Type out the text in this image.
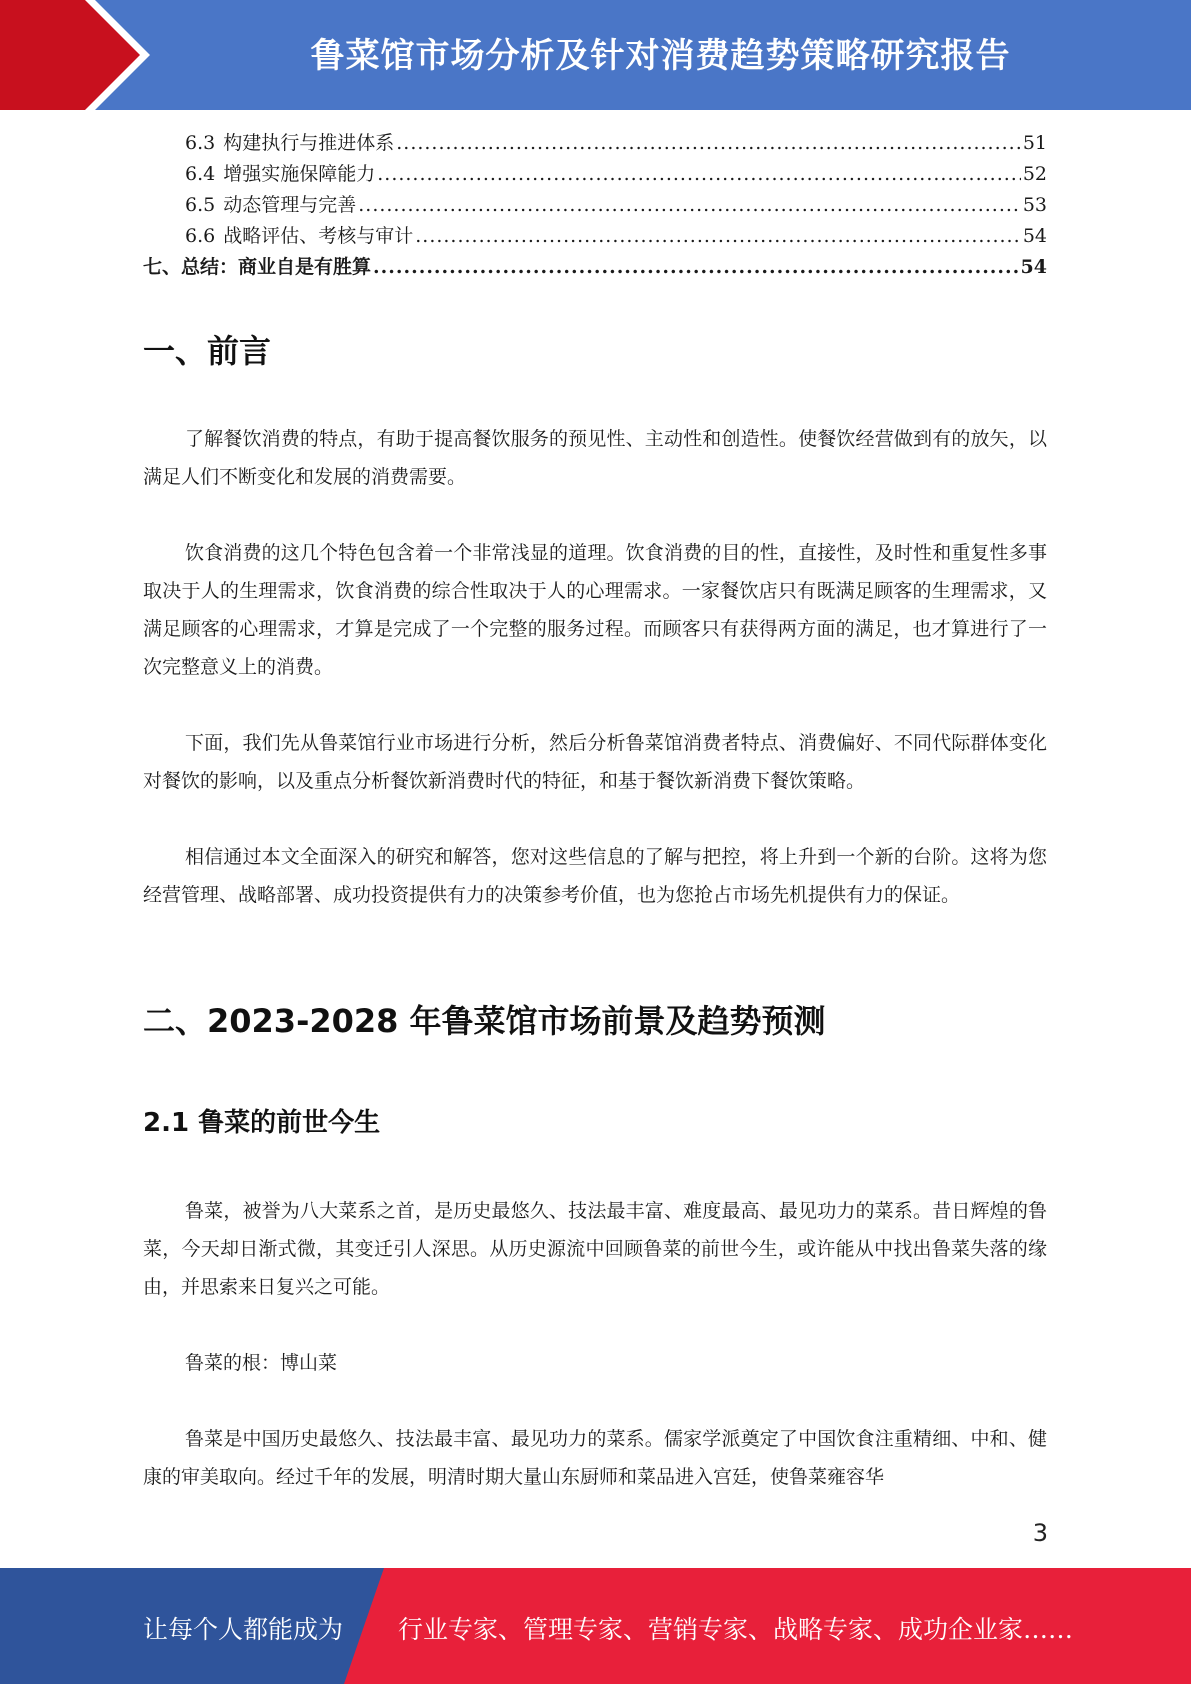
鲁菜馆市场分析及针对消费趋势策略研究报告
6.3 构建执行与推进体系 .....	51
6.4 增强实施保障能力 .....	52
6.5 动态管理与完善 .....	53
6.6 战略评估、考核与审计 .....	54
七、总结：商业自是有胜算 .....	54
一、前言

了解餐饮消费的特点，有助于提高餐饮服务的预见性、主动性和创造性。使餐饮经营做到有的放矢，以满足人们不断变化和发展的消费需要。

饮食消费的这几个特色包含着一个非常浅显的道理。饮食消费的目的性，直接性，及时性和重复性多事取决于人的生理需求，饮食消费的综合性取决于人的心理需求。一家餐饮店只有既满足顾客的生理需求，又满足顾客的心理需求，才算是完成了一个完整的服务过程。而顾客只有获得两方面的满足，也才算进行了一次完整意义上的消费。

下面，我们先从鲁菜馆行业市场进行分析，然后分析鲁菜馆消费者特点、消费偏好、不同代际群体变化对餐饮的影响，以及重点分析餐饮新消费时代的特征，和基于餐饮新消费下餐饮策略。

相信通过本文全面深入的研究和解答，您对这些信息的了解与把控，将上升到一个新的台阶。这将为您经营管理、战略部署、成功投资提供有力的决策参考价值，也为您抢占市场先机提供有力的保证。

二、2023-2028 年鲁菜馆市场前景及趋势预测
2.1 鲁菜的前世今生

鲁菜，被誉为八大菜系之首，是历史最悠久、技法最丰富、难度最高、最见功力的菜系。昔日辉煌的鲁菜，今天却日渐式微，其变迁引人深思。从历史源流中回顾鲁菜的前世今生，或许能从中找出鲁菜失落的缘由，并思索来日复兴之可能。

鲁菜的根：博山菜

鲁菜是中国历史最悠久、技法最丰富、最见功力的菜系。儒家学派奠定了中国饮食注重精细、中和、健康的审美取向。经过千年的发展，明清时期大量山东厨师和菜品进入宫廷，使鲁菜雍容华

3
让每个人都能成为 行业专家、管理专家、营销专家、战略专家、成功企业家……
